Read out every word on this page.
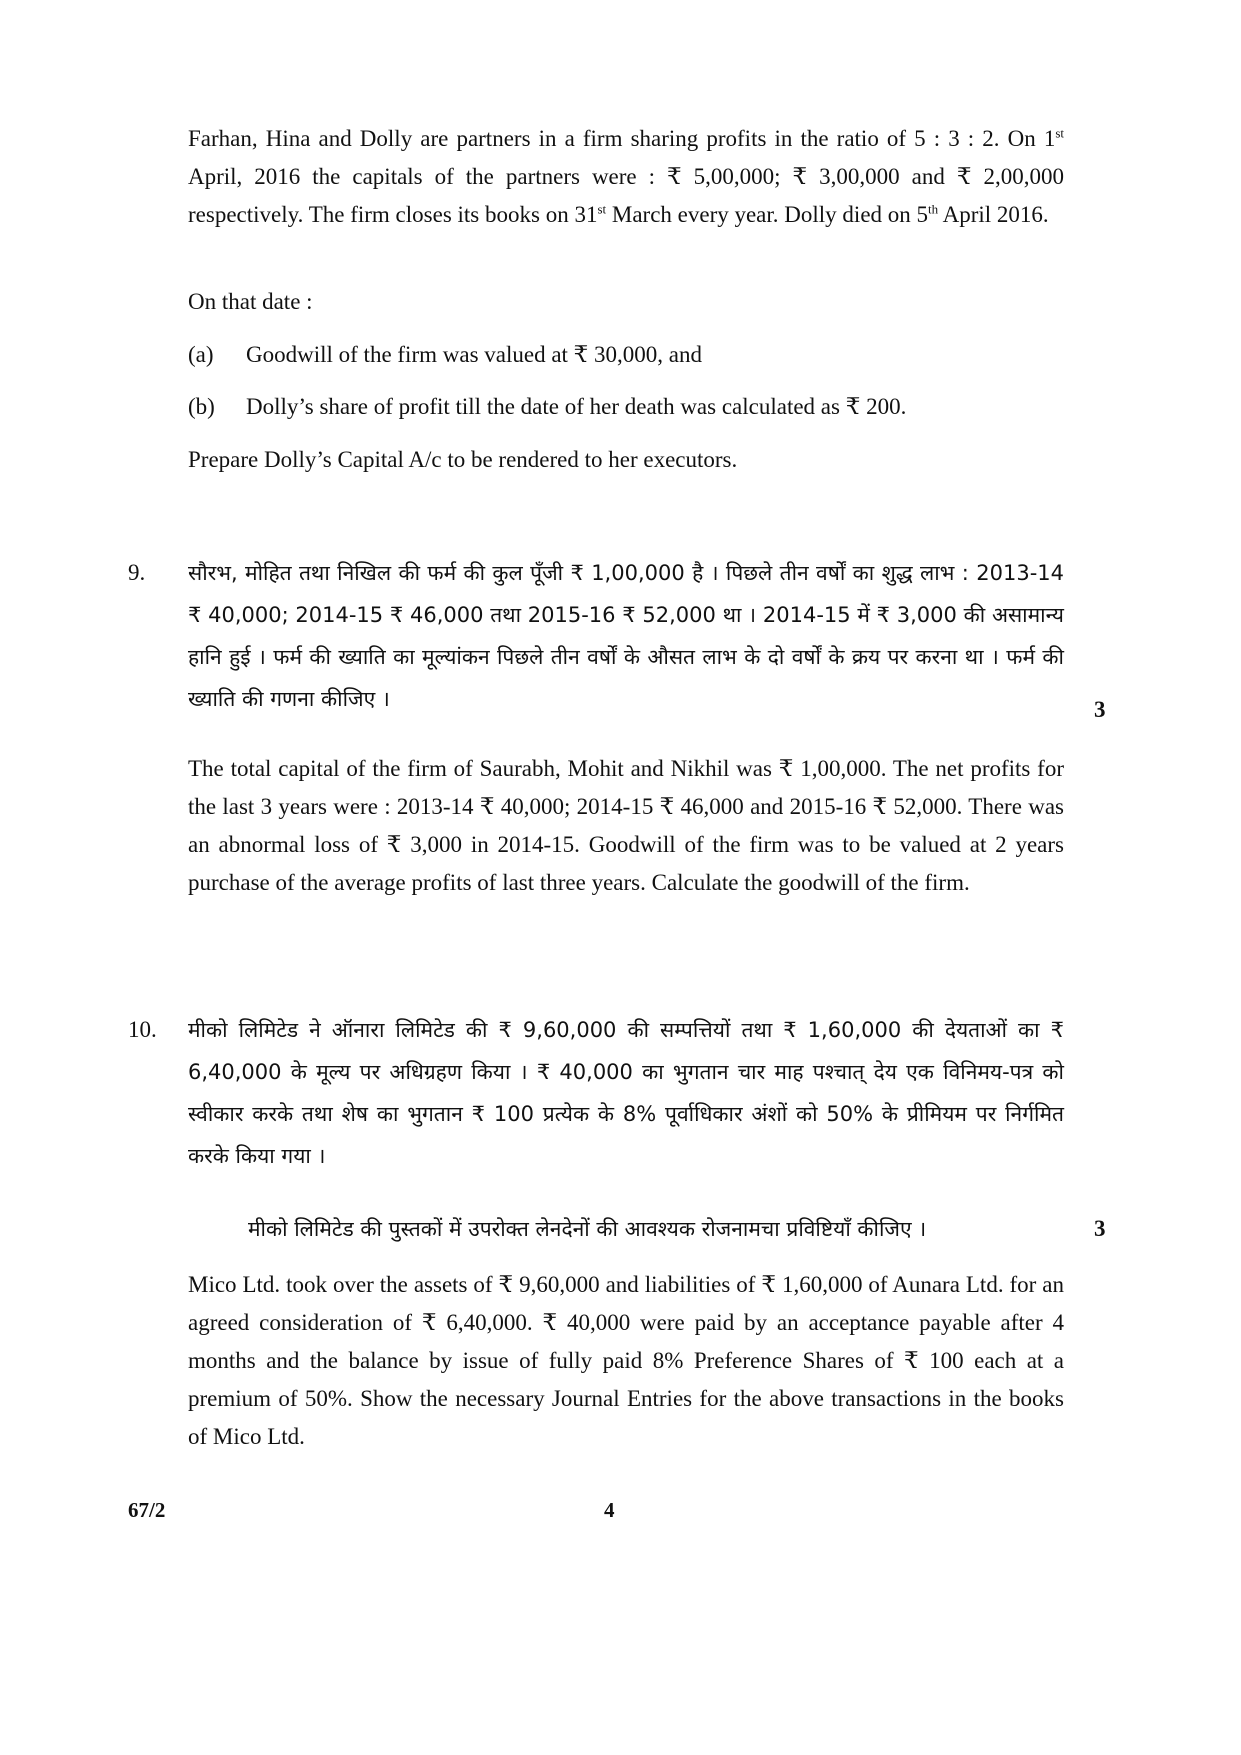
Farhan, Hina and Dolly are partners in a firm sharing profits in the ratio of 5 : 3 : 2. On 1st April, 2016 the capitals of the partners were : ₹ 5,00,000; ₹ 3,00,000 and ₹ 2,00,000 respectively. The firm closes its books on 31st March every year. Dolly died on 5th April 2016.

On that date :

(a) Goodwill of the firm was valued at ₹ 30,000, and
(b) Dolly’s share of profit till the date of her death was calculated as ₹ 200.

Prepare Dolly’s Capital A/c to be rendered to her executors.

9. सौरभ, मोहित तथा निखिल की फर्म की कुल पूँजी ₹ 1,00,000 है । पिछले तीन वर्षों का शुद्ध लाभ : 2013-14 ₹ 40,000; 2014-15 ₹ 46,000 तथा 2015-16 ₹ 52,000 था । 2014-15 में ₹ 3,000 की असामान्य हानि हुई । फर्म की ख्याति का मूल्यांकन पिछले तीन वर्षों के औसत लाभ के दो वर्षों के क्रय पर करना था । फर्म की ख्याति की गणना कीजिए ।	3

The total capital of the firm of Saurabh, Mohit and Nikhil was ₹ 1,00,000. The net profits for the last 3 years were : 2013-14 ₹ 40,000; 2014-15 ₹ 46,000 and 2015-16 ₹ 52,000. There was an abnormal loss of ₹ 3,000 in 2014-15. Goodwill of the firm was to be valued at 2 years purchase of the average profits of last three years. Calculate the goodwill of the firm.

10. मीको लिमिटेड ने ऑनारा लिमिटेड की ₹ 9,60,000 की सम्पत्तियों तथा ₹ 1,60,000 की देयताओं का ₹ 6,40,000 के मूल्य पर अधिग्रहण किया । ₹ 40,000 का भुगतान चार माह पश्चात् देय एक विनिमय-पत्र को स्वीकार करके तथा शेष का भुगतान ₹ 100 प्रत्येक के 8% पूर्वाधिकार अंशों को 50% के प्रीमियम पर निर्गमित करके किया गया ।

मीको लिमिटेड की पुस्तकों में उपरोक्त लेनदेनों की आवश्यक रोजनामचा प्रविष्टियाँ कीजिए ।	3

Mico Ltd. took over the assets of ₹ 9,60,000 and liabilities of ₹ 1,60,000 of Aunara Ltd. for an agreed consideration of ₹ 6,40,000. ₹ 40,000 were paid by an acceptance payable after 4 months and the balance by issue of fully paid 8% Preference Shares of ₹ 100 each at a premium of 50%. Show the necessary Journal Entries for the above transactions in the books of Mico Ltd.

67/2	4
